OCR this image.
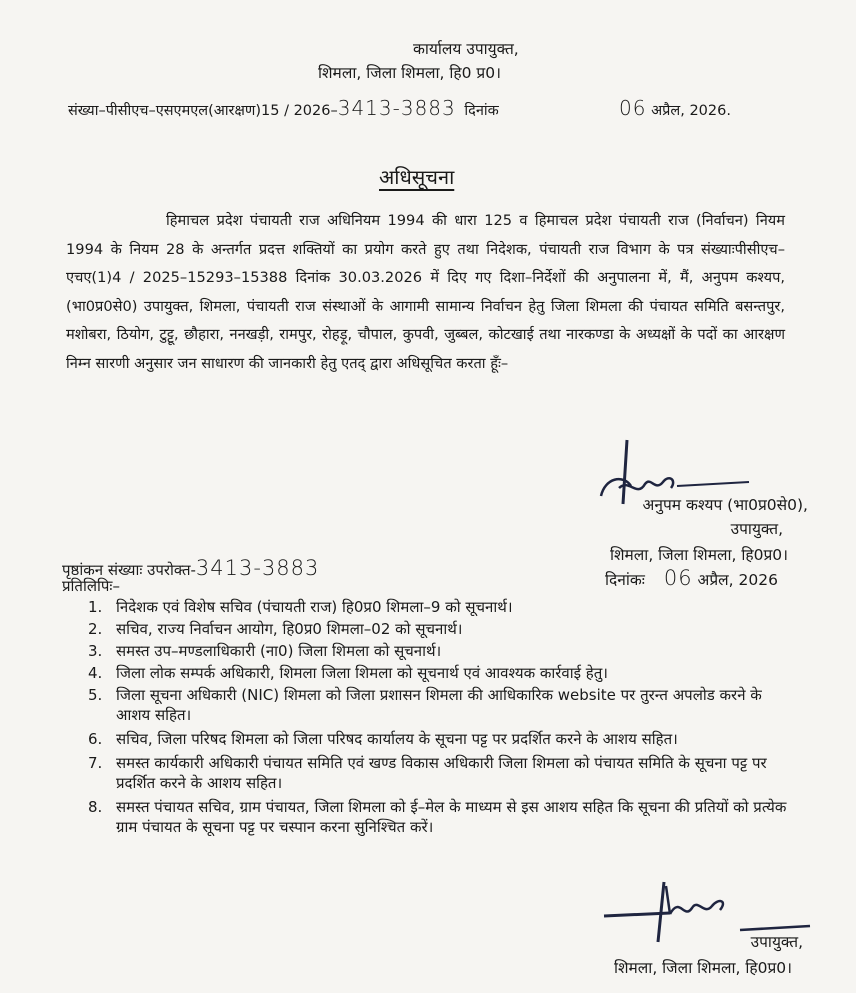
कार्यालय उपायुक्त,
शिमला, जिला शिमला, हि0 प्र0।
संख्या–पीसीएच–एसएमएल(आरक्षण)15 / 2026–3413-3883 दिनांक	06 अप्रैल, 2026.
अधिसूचना
हिमाचल प्रदेश पंचायती राज अधिनियम 1994 की धारा 125 व हिमाचल प्रदेश पंचायती राज (निर्वाचन) नियम 1994 के नियम 28 के अन्तर्गत प्रदत्त शक्तियों का प्रयोग करते हुए तथा निदेशक, पंचायती राज विभाग के पत्र संख्याःपीसीएच–एचए(1)4 / 2025–15293–15388 दिनांक 30.03.2026 में दिए गए दिशा–निर्देशों की अनुपालना में, मैं, अनुपम कश्यप, (भा0प्र0से0) उपायुक्त, शिमला, पंचायती राज संस्थाओं के आगामी सामान्य निर्वाचन हेतु जिला शिमला की पंचायत समिति बसन्तपुर, मशोबरा, ठियोग, टुट्टू, छौहारा, ननखड़ी, रामपुर, रोहड़ू, चौपाल, कुपवी, जुब्बल, कोटखाई तथा नारकण्डा के अध्यक्षों के पदों का आरक्षण निम्न सारणी अनुसार जन साधारण की जानकारी हेतु एतद् द्वारा अधिसूचित करता हूँः–
अनुपम कश्यप (भा0प्र0से0),
उपायुक्त,
शिमला, जिला शिमला, हि0प्र0।
दिनांकः 06 अप्रैल, 2026
पृष्ठांकन संख्याः उपरोक्त-3413-3883
प्रतिलिपिः–
1. निदेशक एवं विशेष सचिव (पंचायती राज) हि0प्र0 शिमला–9 को सूचनार्थ।
2. सचिव, राज्य निर्वाचन आयोग, हि0प्र0 शिमला–02 को सूचनार्थ।
3. समस्त उप–मण्डलाधिकारी (ना0) जिला शिमला को सूचनार्थ।
4. जिला लोक सम्पर्क अधिकारी, शिमला जिला शिमला को सूचनार्थ एवं आवश्यक कार्रवाई हेतु।
5. जिला सूचना अधिकारी (NIC) शिमला को जिला प्रशासन शिमला की आधिकारिक website पर तुरन्त अपलोड करने के आशय सहित।
6. सचिव, जिला परिषद शिमला को जिला परिषद कार्यालय के सूचना पट्ट पर प्रदर्शित करने के आशय सहित।
7. समस्त कार्यकारी अधिकारी पंचायत समिति एवं खण्ड विकास अधिकारी जिला शिमला को पंचायत समिति के सूचना पट्ट पर प्रदर्शित करने के आशय सहित।
8. समस्त पंचायत सचिव, ग्राम पंचायत, जिला शिमला को ई–मेल के माध्यम से इस आशय सहित कि सूचना की प्रतियों को प्रत्येक ग्राम पंचायत के सूचना पट्ट पर चस्पान करना सुनिश्चित करें।
उपायुक्त,
शिमला, जिला शिमला, हि0प्र0।
